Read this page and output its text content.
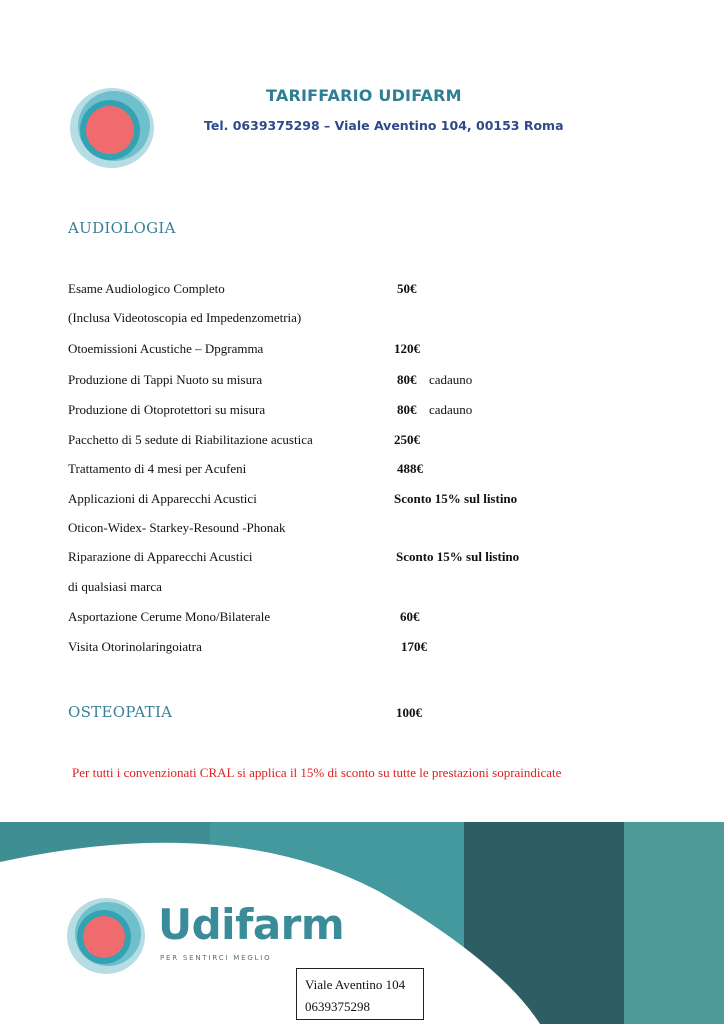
TARIFFARIO UDIFARM
Tel. 0639375298 – Viale Aventino 104, 00153 Roma
AUDIOLOGIA
Esame Audiologico Completo	50€
(Inclusa Videotoscopia ed Impedenzometria)
Otoemissioni Acustiche – Dpgramma	120€
Produzione di Tappi Nuoto su misura	80€ cadauno
Produzione di Otoprotettori su misura	80€ cadauno
Pacchetto di 5 sedute di Riabilitazione acustica	250€
Trattamento di 4 mesi per Acufeni	488€
Applicazioni di Apparecchi Acustici	Sconto 15% sul listino
Oticon-Widex- Starkey-Resound -Phonak
Riparazione di Apparecchi Acustici	Sconto 15% sul listino
di qualsiasi marca
Asportazione Cerume Mono/Bilaterale	60€
Visita Otorinolaringoiatra	170€
OSTEOPATIA	100€
Per tutti i convenzionati CRAL si applica il 15% di sconto su tutte le prestazioni sopraindicate
Udifarm
PER SENTIRCI MEGLIO
Viale Aventino 104
0639375298
